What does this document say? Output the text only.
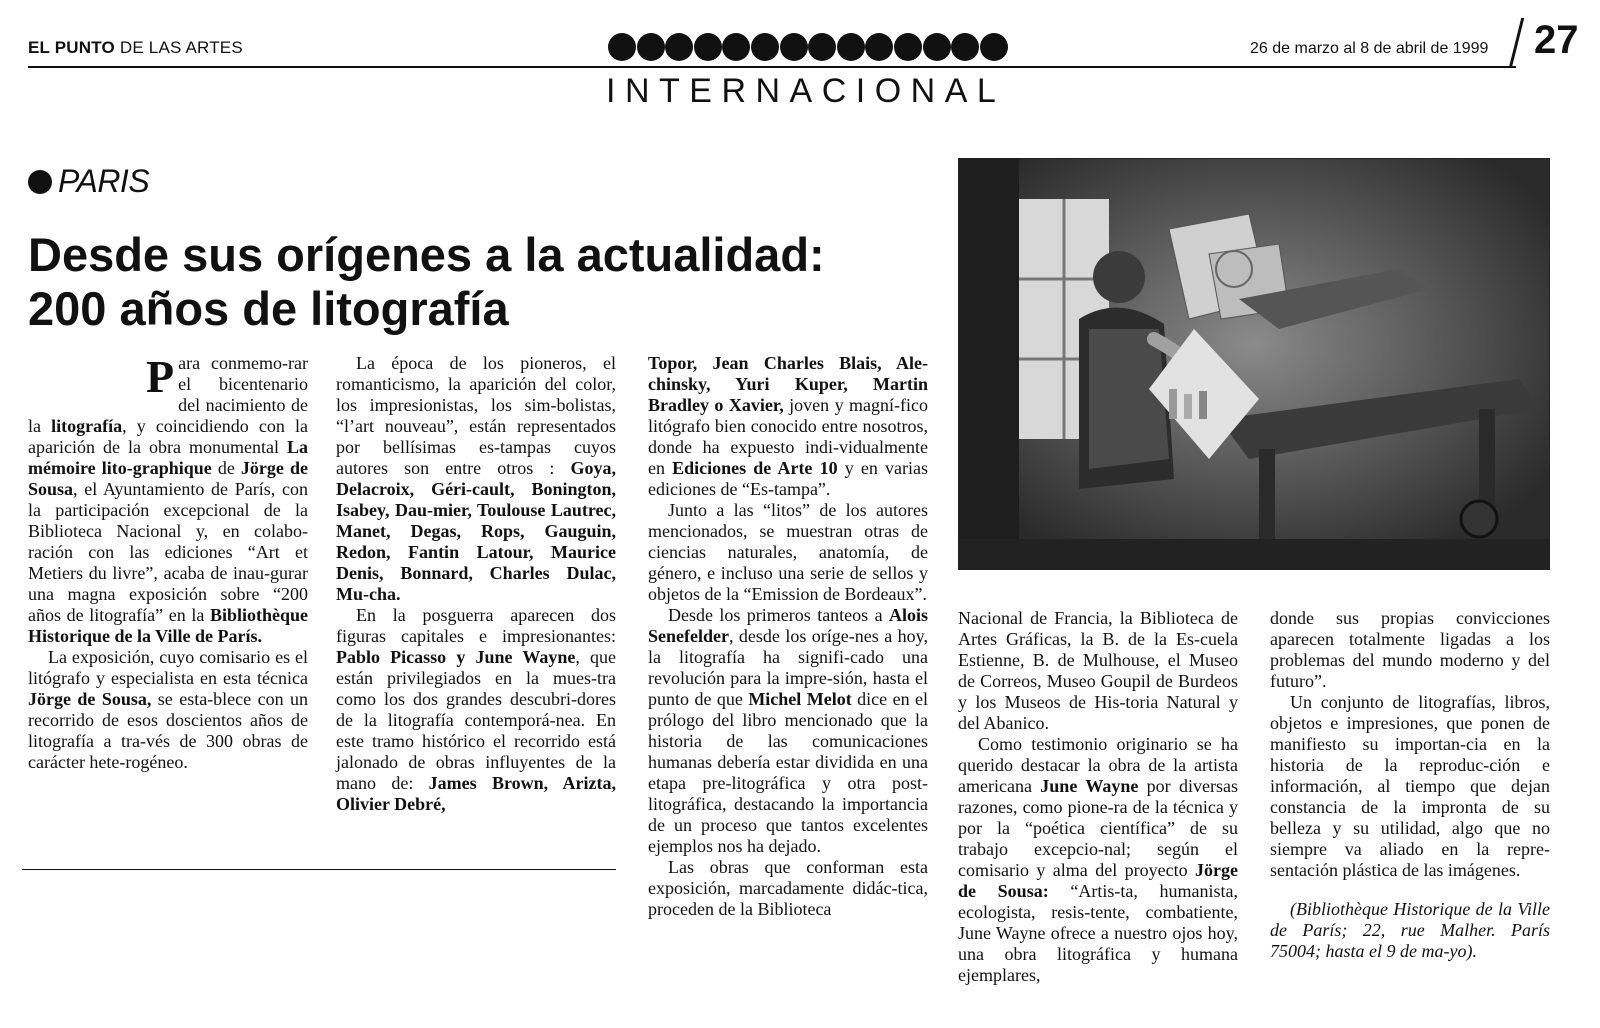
EL PUNTO DE LAS ARTES	26 de marzo al 8 de abril de 1999 27
INTERNACIONAL
PARIS
Desde sus orígenes a la actualidad:
200 años de litografía

Para conmemo-rar el bicentenario del nacimiento de la litografía, y coincidiendo con la aparición de la obra monumental La mémoire lito-graphique de Jörge de Sousa, el Ayuntamiento de París, con la participación excepcional de la Biblioteca Nacional y, en colabo-ración con las ediciones “Art et Metiers du livre”, acaba de inau-gurar una magna exposición sobre “200 años de litografía” en la Bibliothèque Historique de la Ville de París.

La exposición, cuyo comisario es el litógrafo y especialista en esta técnica Jörge de Sousa, se esta-blece con un recorrido de esos doscientos años de litografía a tra-vés de 300 obras de carácter hete-rogéneo.

La época de los pioneros, el romanticismo, la aparición del color, los impresionistas, los sim-bolistas, “l’art nouveau”, están representados por bellísimas es-tampas cuyos autores son entre otros : Goya, Delacroix, Géri-cault, Bonington, Isabey, Dau-mier, Toulouse Lautrec, Manet, Degas, Rops, Gauguin, Redon, Fantin Latour, Maurice Denis, Bonnard, Charles Dulac, Mu-cha.

En la posguerra aparecen dos figuras capitales e impresionantes: Pablo Picasso y June Wayne, que están privilegiados en la mues-tra como los dos grandes descubri-dores de la litografía contemporá-nea. En este tramo histórico el recorrido está jalonado de obras influyentes de la mano de: James Brown, Arizta, Olivier Debré,

Topor, Jean Charles Blais, Ale-chinsky, Yuri Kuper, Martin Bradley o Xavier, joven y magní-fico litógrafo bien conocido entre nosotros, donde ha expuesto indi-vidualmente en Ediciones de Arte 10 y en varias ediciones de “Es-tampa”.

Junto a las “litos” de los autores mencionados, se muestran otras de ciencias naturales, anatomía, de género, e incluso una serie de sellos y objetos de la “Emission de Bordeaux”.

Desde los primeros tanteos a Alois Senefelder, desde los oríge-nes a hoy, la litografía ha signifi-cado una revolución para la impre-sión, hasta el punto de que Michel Melot dice en el prólogo del libro mencionado que la historia de las comunicaciones humanas debería estar dividida en una etapa pre-litográfica y otra post-litográfica, destacando la importancia de un proceso que tantos excelentes ejemplos nos ha dejado.

Las obras que conforman esta exposición, marcadamente didác-tica, proceden de la Biblioteca

Nacional de Francia, la Biblioteca de Artes Gráficas, la B. de la Es-cuela Estienne, B. de Mulhouse, el Museo de Correos, Museo Goupil de Burdeos y los Museos de His-toria Natural y del Abanico.

Como testimonio originario se ha querido destacar la obra de la artista americana June Wayne por diversas razones, como pione-ra de la técnica y por la “poética científica” de su trabajo excepcio-nal; según el comisario y alma del proyecto Jörge de Sousa: “Artis-ta, humanista, ecologista, resis-tente, combatiente, June Wayne ofrece a nuestro ojos hoy, una obra litográfica y humana ejemplares,

donde sus propias convicciones aparecen totalmente ligadas a los problemas del mundo moderno y del futuro”.

Un conjunto de litografías, libros, objetos e impresiones, que ponen de manifiesto su importan-cia en la historia de la reproduc-ción e información, al tiempo que dejan constancia de la impronta de su belleza y su utilidad, algo que no siempre va aliado en la repre-sentación plástica de las imágenes.

(Bibliothèque Historique de la Ville de París; 22, rue Malher. París 75004; hasta el 9 de ma-yo).
